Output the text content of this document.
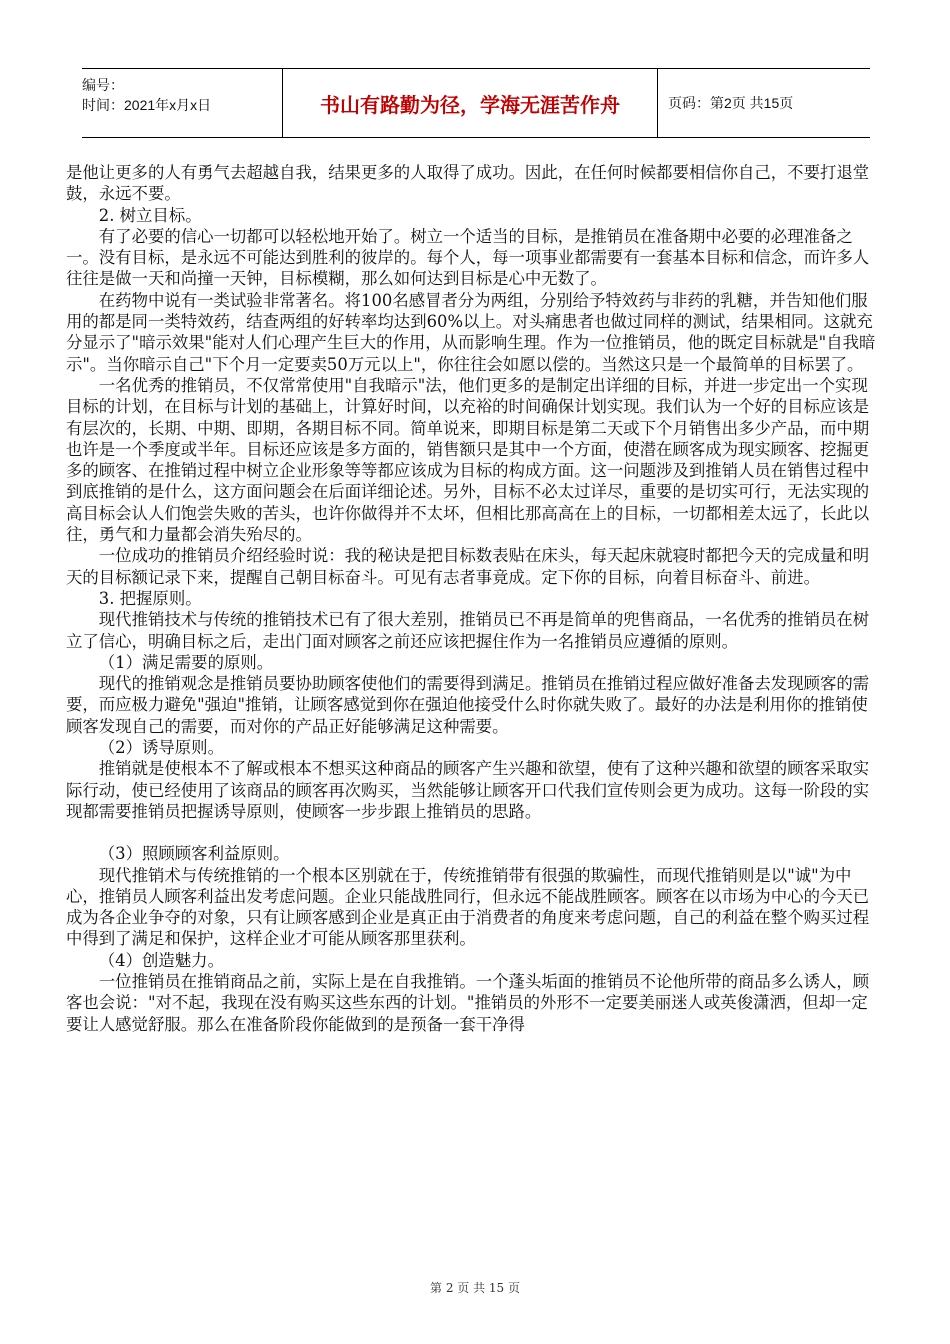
编号：
时间：2021年x月x日	书山有路勤为径，学海无涯苦作舟	页码：第2页 共15页

是他让更多的人有勇气去超越自我，结果更多的人取得了成功。因此，在任何时候都要相信你自己，不要打退堂鼓，永远不要。

2. 树立目标。

有了必要的信心一切都可以轻松地开始了。树立一个适当的目标，是推销员在准备期中必要的必理准备之一。没有目标，是永远不可能达到胜利的彼岸的。每个人，每一项事业都需要有一套基本目标和信念，而许多人往往是做一天和尚撞一天钟，目标模糊，那么如何达到目标是心中无数了。

在药物中说有一类试验非常著名。将100名感冒者分为两组，分别给予特效药与非药的乳糖，并告知他们服用的都是同一类特效药，结查两组的好转率均达到60%以上。对头痛患者也做过同样的测试，结果相同。这就充分显示了"暗示效果"能对人们心理产生巨大的作用，从而影响生理。作为一位推销员，他的既定目标就是"自我暗示"。当你暗示自己"下个月一定要卖50万元以上"，你往往会如愿以偿的。当然这只是一个最简单的目标罢了。

一名优秀的推销员，不仅常常使用"自我暗示"法，他们更多的是制定出详细的目标，并进一步定出一个实现目标的计划，在目标与计划的基础上，计算好时间，以充裕的时间确保计划实现。我们认为一个好的目标应该是有层次的，长期、中期、即期，各期目标不同。简单说来，即期目标是第二天或下个月销售出多少产品，而中期也许是一个季度或半年。目标还应该是多方面的，销售额只是其中一个方面，使潜在顾客成为现实顾客、挖掘更多的顾客、在推销过程中树立企业形象等等都应该成为目标的构成方面。这一问题涉及到推销人员在销售过程中到底推销的是什么，这方面问题会在后面详细论述。另外，目标不必太过详尽，重要的是切实可行，无法实现的高目标会认人们饱尝失败的苦头，也许你做得并不太坏，但相比那高高在上的目标，一切都相差太远了，长此以往，勇气和力量都会消失殆尽的。

一位成功的推销员介绍经验时说：我的秘诀是把目标数表贴在床头，每天起床就寝时都把今天的完成量和明天的目标额记录下来，提醒自己朝目标奋斗。可见有志者事竟成。定下你的目标，向着目标奋斗、前进。

3. 把握原则。

现代推销技术与传统的推销技术已有了很大差别，推销员已不再是简单的兜售商品，一名优秀的推销员在树立了信心，明确目标之后，走出门面对顾客之前还应该把握住作为一名推销员应遵循的原则。

（1）满足需要的原则。

现代的推销观念是推销员要协助顾客使他们的需要得到满足。推销员在推销过程应做好准备去发现顾客的需要，而应极力避免"强迫"推销，让顾客感觉到你在强迫他接受什么时你就失败了。最好的办法是利用你的推销使顾客发现自己的需要，而对你的产品正好能够满足这种需要。

（2）诱导原则。

推销就是使根本不了解或根本不想买这种商品的顾客产生兴趣和欲望，使有了这种兴趣和欲望的顾客采取实际行动，使已经使用了该商品的顾客再次购买，当然能够让顾客开口代我们宣传则会更为成功。这每一阶段的实现都需要推销员把握诱导原则，使顾客一步步跟上推销员的思路。

（3）照顾顾客利益原则。

现代推销术与传统推销的一个根本区别就在于，传统推销带有很强的欺骗性，而现代推销则是以"诚"为中心，推销员人顾客利益出发考虑问题。企业只能战胜同行，但永远不能战胜顾客。顾客在以市场为中心的今天已成为各企业争夺的对象，只有让顾客感到企业是真正由于消费者的角度来考虑问题，自己的利益在整个购买过程中得到了满足和保护，这样企业才可能从顾客那里获利。

（4）创造魅力。

一位推销员在推销商品之前，实际上是在自我推销。一个蓬头垢面的推销员不论他所带的商品多么诱人，顾客也会说："对不起，我现在没有购买这些东西的计划。"推销员的外形不一定要美丽迷人或英俊潇洒，但却一定要让人感觉舒服。那么在准备阶段你能做到的是预备一套干净得

第 2 页 共 15 页
